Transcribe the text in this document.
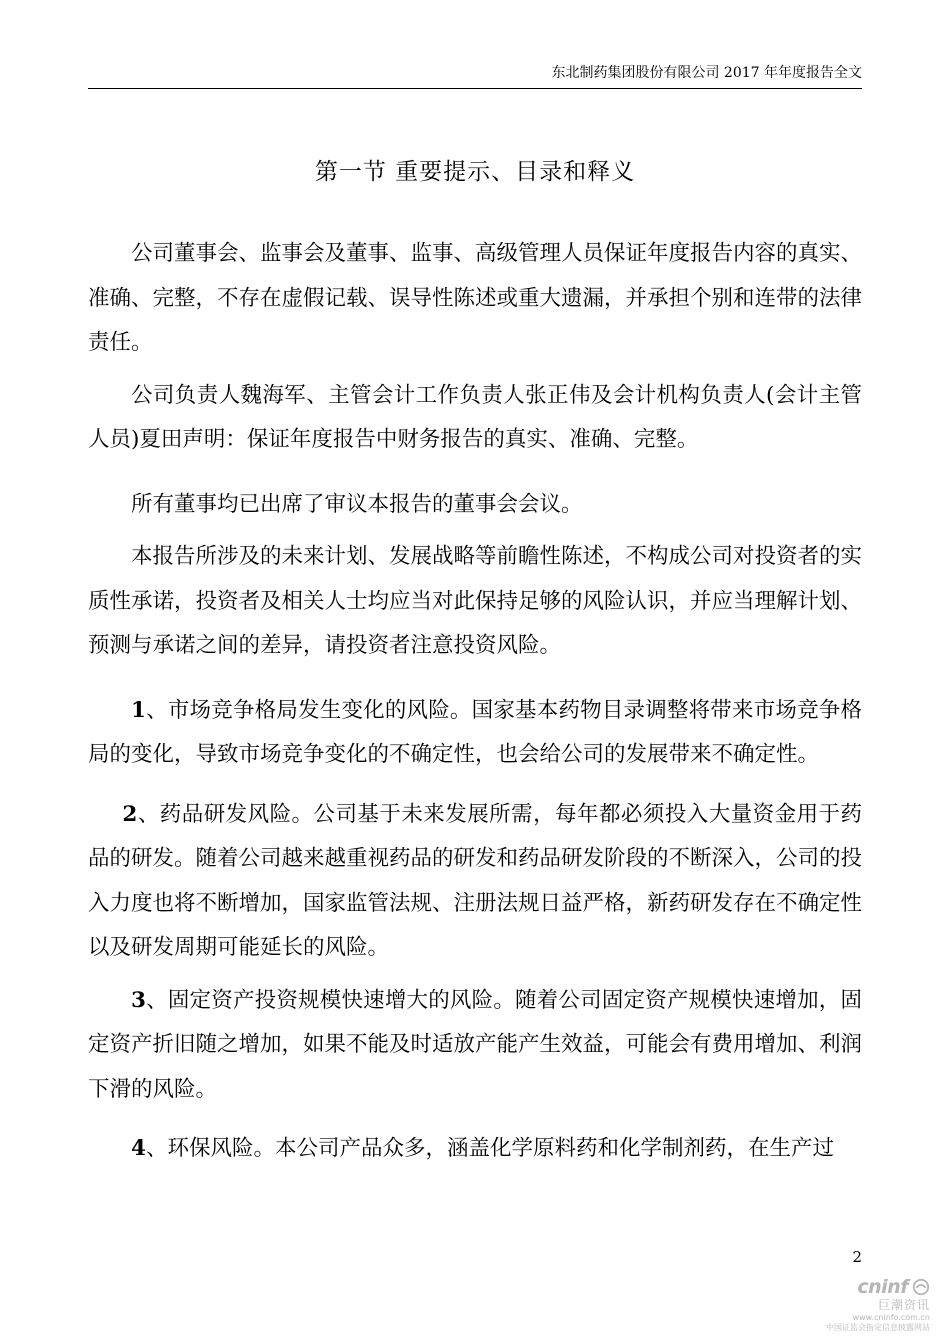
东北制药集团股份有限公司 2017 年年度报告全文
第一节 重要提示、目录和释义

公司董事会、监事会及董事、监事、高级管理人员保证年度报告内容的真实、准确、完整，不存在虚假记载、误导性陈述或重大遗漏，并承担个别和连带的法律责任。

公司负责人魏海军、主管会计工作负责人张正伟及会计机构负责人(会计主管人员)夏田声明：保证年度报告中财务报告的真实、准确、完整。

所有董事均已出席了审议本报告的董事会会议。

本报告所涉及的未来计划、发展战略等前瞻性陈述，不构成公司对投资者的实质性承诺，投资者及相关人士均应当对此保持足够的风险认识，并应当理解计划、预测与承诺之间的差异，请投资者注意投资风险。

1、市场竞争格局发生变化的风险。国家基本药物目录调整将带来市场竞争格局的变化，导致市场竞争变化的不确定性，也会给公司的发展带来不确定性。

2、药品研发风险。公司基于未来发展所需，每年都必须投入大量资金用于药品的研发。随着公司越来越重视药品的研发和药品研发阶段的不断深入，公司的投入力度也将不断增加，国家监管法规、注册法规日益严格，新药研发存在不确定性以及研发周期可能延长的风险。

3、固定资产投资规模快速增大的风险。随着公司固定资产规模快速增加，固定资产折旧随之增加，如果不能及时适放产能产生效益，可能会有费用增加、利润下滑的风险。

4、环保风险。本公司产品众多，涵盖化学原料药和化学制剂药，在生产过

2
cninf
巨潮资讯
www.cninfo.com.cn
中国证监会指定信息披露网站
